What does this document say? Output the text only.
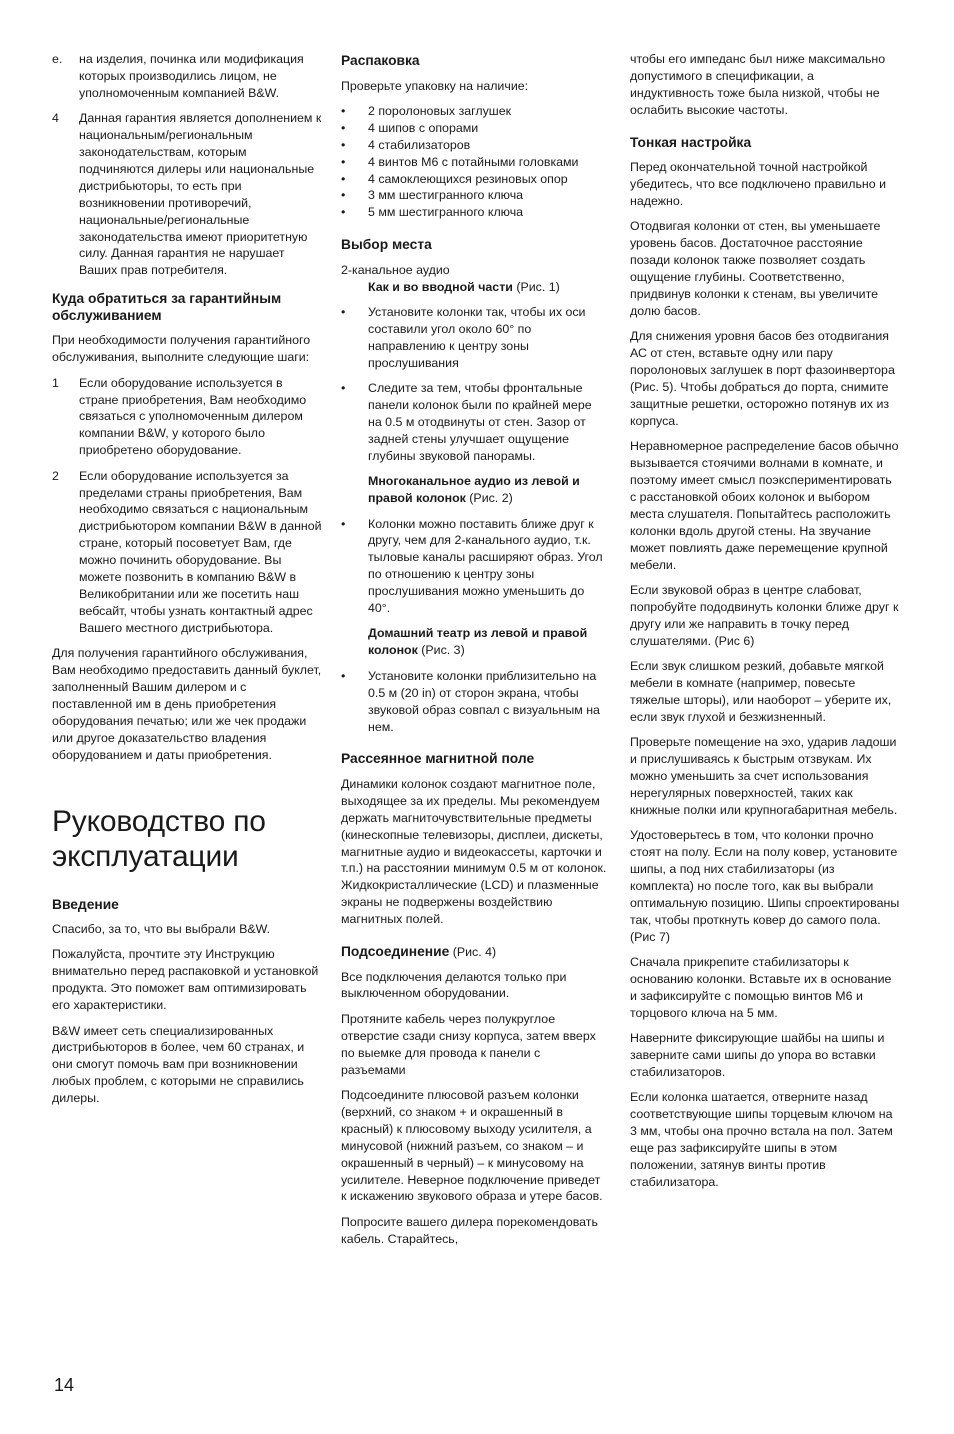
e.	на изделия, починка или модификация которых производились лицом, не уполномоченным компанией B&W.
4	Данная гарантия является дополнением к национальным/региональным законодательствам, которым подчиняются дилеры или национальные дистрибьюторы, то есть при возникновении противоречий, национальные/региональные законодательства имеют приоритетную силу. Данная гарантия не нарушает Ваших прав потребителя.
Куда обратиться за гарантийным обслуживанием

При необходимости получения гарантийного обслуживания, выполните следующие шаги:

1	Если оборудование используется в стране приобретения, Вам необходимо связаться с уполномоченным дилером компании B&W, у которого было приобретено оборудование.
2	Если оборудование используется за пределами страны приобретения, Вам необходимо связаться с национальным дистрибьютором компании B&W в данной стране, который посоветует Вам, где можно починить оборудование. Вы можете позвонить в компанию B&W в Великобритании или же посетить наш вебсайт, чтобы узнать контактный адрес Вашего местного дистрибьютора.

Для получения гарантийного обслуживания, Вам необходимо предоставить данный буклет, заполненный Вашим дилером и с поставленной им в день приобретения оборудования печатью; или же чек продажи или другое доказательство владения оборудованием и даты приобретения.

Руководство по эксплуатации
Введение

Спасибо, за то, что вы выбрали B&W.

Пожалуйста, прочтите эту Инструкцию внимательно перед распаковкой и установкой продукта. Это поможет вам оптимизировать его характеристики.

B&W имеет сеть специализированных дистрибьюторов в более, чем 60 странах, и они смогут помочь вам при возникновении любых проблем, с которыми не справились дилеры.

Распаковка

Проверьте упаковку на наличие:

•	2 поролоновых заглушек
•	4 шипов с опорами
•	4 стабилизаторов
•	4 винтов M6 с потайными головками
•	4 самоклеющихся резиновых опор
•	3 мм шестигранного ключа
•	5 мм шестигранного ключа
Выбор места
2-канальное аудио
Как и во вводной части (Рис. 1)
•	Установите колонки так, чтобы их оси составили угол около 60° по направлению к центру зоны прослушивания
•	Следите за тем, чтобы фронтальные панели колонок были по крайней мере на 0.5 м отодвинуты от стен. Зазор от задней стены улучшает ощущение глубины звуковой панорамы.
Многоканальное аудио из левой и правой колонок (Рис. 2)
•	Колонки можно поставить ближе друг к другу, чем для 2-канального аудио, т.к. тыловые каналы расширяют образ. Угол по отношению к центру зоны прослушивания можно уменьшить до 40°.
Домашний театр из левой и правой колонок (Рис. 3)
•	Установите колонки приблизительно на 0.5 м (20 in) от сторон экрана, чтобы звуковой образ совпал с визуальным на нем.
Рассеянное магнитной поле

Динамики колонок создают магнитное поле, выходящее за их пределы. Мы рекомендуем держать магниточувствительные предметы (кинескопные телевизоры, дисплеи, дискеты, магнитные аудио и видеокассеты, карточки и т.п.) на расстоянии минимум 0.5 м от колонок. Жидкокристаллические (LCD) и плазменные экраны не подвержены воздействию магнитных полей.

Подсоединение (Рис. 4)

Все подключения делаются только при выключенном оборудовании.

Протяните кабель через полукруглое отверстие сзади снизу корпуса, затем вверх по выемке для провода к панели с разъемами

Подсоедините плюсовой разъем колонки (верхний, со знаком + и окрашенный в красный) к плюсовому выходу усилителя, а минусовой (нижний разъем, со знаком – и окрашенный в черный) – к минусовому на усилителе. Неверное подключение приведет к искажению звукового образа и утере басов.

Попросите вашего дилера порекомендовать кабель. Старайтесь,

чтобы его импеданс был ниже максимально допустимого в спецификации, а индуктивность тоже была низкой, чтобы не ослабить высокие частоты.

Тонкая настройка

Перед окончательной точной настройкой убедитесь, что все подключено правильно и надежно.

Отодвигая колонки от стен, вы уменьшаете уровень басов. Достаточное расстояние позади колонок также позволяет создать ощущение глубины. Соответственно, придвинув колонки к стенам, вы увеличите долю басов.

Для снижения уровня басов без отодвигания АС от стен, вставьте одну или пару поролоновых заглушек в порт фазоинвертора (Рис. 5). Чтобы добраться до порта, снимите защитные решетки, осторожно потянув их из корпуса.

Неравномерное распределение басов обычно вызывается стоячими волнами в комнате, и поэтому имеет смысл поэкспериментировать с расстановкой обоих колонок и выбором места слушателя. Попытайтесь расположить колонки вдоль другой стены. На звучание может повлиять даже перемещение крупной мебели.

Если звуковой образ в центре слабоват, попробуйте пододвинуть колонки ближе друг к другу или же направить в точку перед слушателями. (Рис 6)

Если звук слишком резкий, добавьте мягкой мебели в комнате (например, повесьте тяжелые шторы), или наоборот – уберите их, если звук глухой и безжизненный.

Проверьте помещение на эхо, ударив ладоши и прислушиваясь к быстрым отзвукам. Их можно уменьшить за счет использования нерегулярных поверхностей, таких как книжные полки или крупногабаритная мебель.

Удостоверьтесь в том, что колонки прочно стоят на полу. Если на полу ковер, установите шипы, а под них стабилизаторы (из комплекта) но после того, как вы выбрали оптимальную позицию. Шипы спроектированы так, чтобы проткнуть ковер до самого пола. (Рис 7)

Сначала прикрепите стабилизаторы к основанию колонки. Вставьте их в основание и зафиксируйте с помощью винтов M6 и торцового ключа на 5 мм.

Наверните фиксирующие шайбы на шипы и заверните сами шипы до упора во вставки стабилизаторов.

Если колонка шатается, отверните назад соответствующие шипы торцевым ключом на 3 мм, чтобы она прочно встала на пол. Затем еще раз зафиксируйте шипы в этом положении, затянув винты против стабилизатора.

14
